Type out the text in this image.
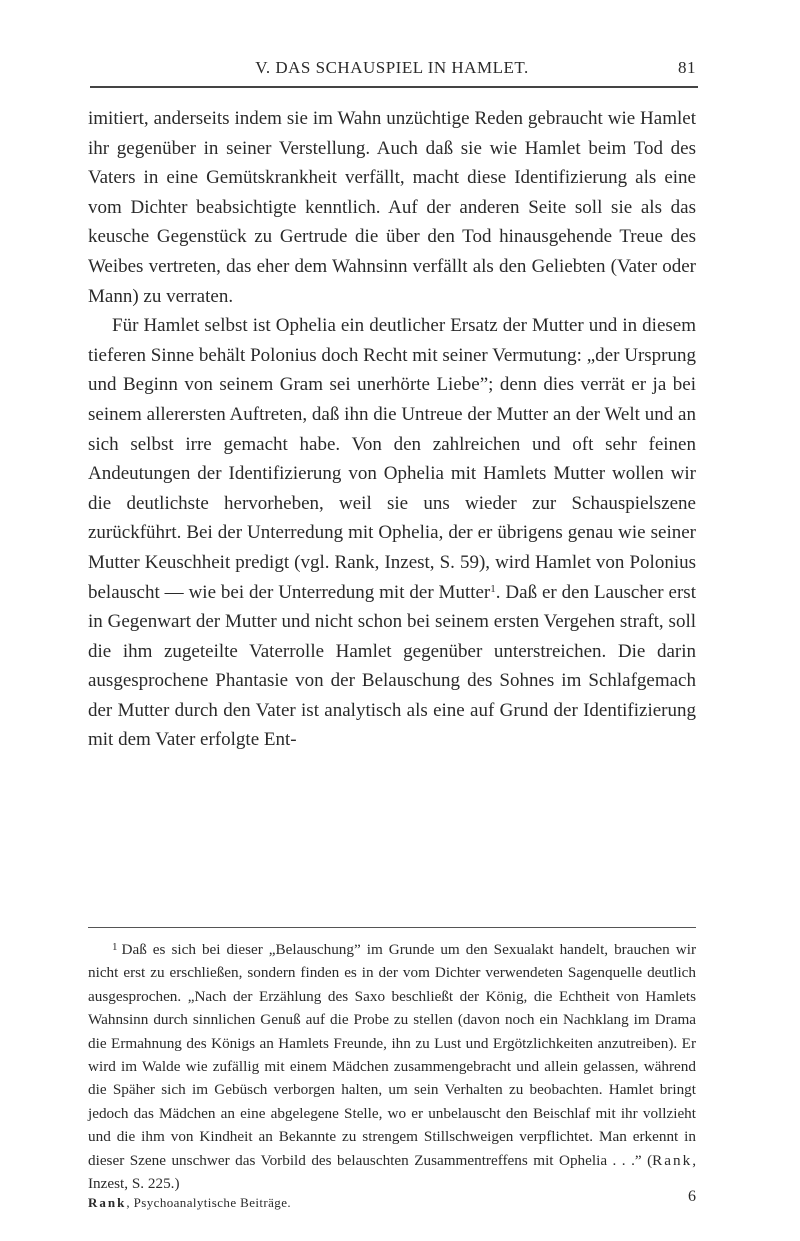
V. DAS SCHAUSPIEL IN HAMLET.	81

imitiert, anderseits indem sie im Wahn unzüchtige Reden gebraucht wie Hamlet ihr gegenüber in seiner Verstellung. Auch daß sie wie Hamlet beim Tod des Vaters in eine Gemütskrankheit verfällt, macht diese Identifizierung als eine vom Dichter beabsichtigte kenntlich. Auf der anderen Seite soll sie als das keusche Gegenstück zu Gertrude die über den Tod hinausgehende Treue des Weibes vertreten, das eher dem Wahnsinn verfällt als den Geliebten (Vater oder Mann) zu verraten.

Für Hamlet selbst ist Ophelia ein deutlicher Ersatz der Mutter und in diesem tieferen Sinne behält Polonius doch Recht mit seiner Vermutung: „der Ursprung und Beginn von seinem Gram sei unerhörte Liebe”; denn dies verrät er ja bei seinem allerersten Auftreten, daß ihn die Untreue der Mutter an der Welt und an sich selbst irre gemacht habe. Von den zahlreichen und oft sehr feinen Andeutungen der Identifizierung von Ophelia mit Hamlets Mutter wollen wir die deutlichste hervorheben, weil sie uns wieder zur Schauspielszene zurückführt. Bei der Unterredung mit Ophelia, der er übrigens genau wie seiner Mutter Keuschheit predigt (vgl. Rank, Inzest, S. 59), wird Hamlet von Polonius belauscht — wie bei der Unterredung mit der Mutter$^1$. Daß er den Lauscher erst in Gegenwart der Mutter und nicht schon bei seinem ersten Vergehen straft, soll die ihm zugeteilte Vaterrolle Hamlet gegenüber unterstreichen. Die darin ausgesprochene Phantasie von der Belauschung des Sohnes im Schlafgemach der Mutter durch den Vater ist analytisch als eine auf Grund der Identifizierung mit dem Vater erfolgte Ent-

$^1$ Daß es sich bei dieser „Belauschung” im Grunde um den Sexualakt handelt, brauchen wir nicht erst zu erschließen, sondern finden es in der vom Dichter verwendeten Sagenquelle deutlich ausgesprochen. „Nach der Erzählung des Saxo beschließt der König, die Echtheit von Hamlets Wahnsinn durch sinnlichen Genuß auf die Probe zu stellen (davon noch ein Nachklang im Drama die Ermahnung des Königs an Hamlets Freunde, ihn zu Lust und Ergötzlichkeiten anzutreiben). Er wird im Walde wie zufällig mit einem Mädchen zusammengebracht und allein gelassen, während die Späher sich im Gebüsch verborgen halten, um sein Verhalten zu beobachten. Hamlet bringt jedoch das Mädchen an eine abgelegene Stelle, wo er unbelauscht den Beischlaf mit ihr vollzieht und die ihm von Kindheit an Bekannte zu strengem Stillschweigen verpflichtet. Man erkennt in dieser Szene unschwer das Vorbild des belauschten Zusammentreffens mit Ophelia . . .” (Rank, Inzest, S. 225.)

Rank, Psychoanalytische Beiträge.	6
